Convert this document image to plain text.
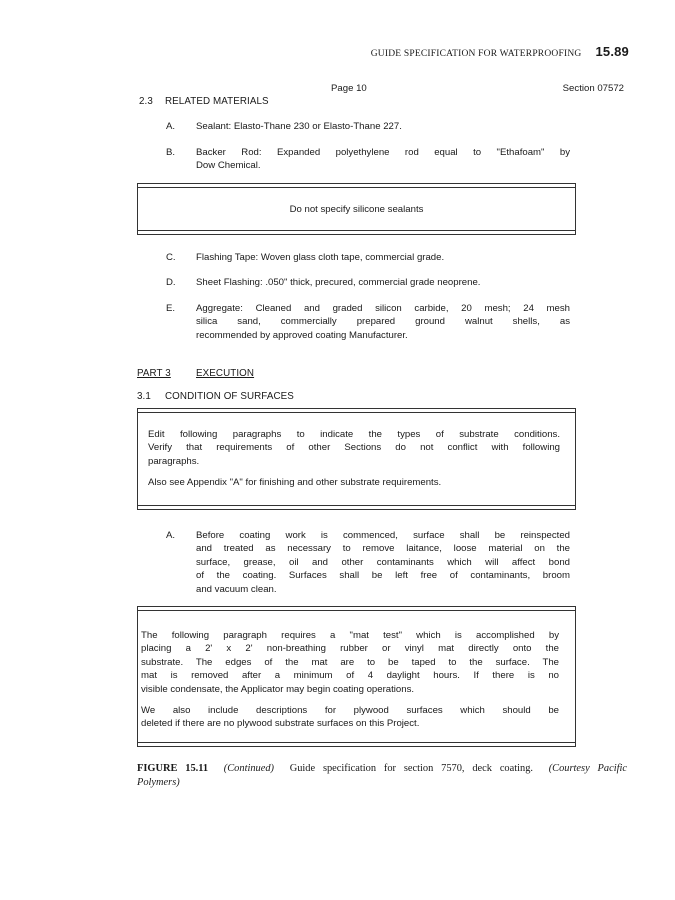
GUIDE SPECIFICATION FOR WATERPROOFING 15.89
Page 10	Section 07572
2.3 RELATED MATERIALS
A. Sealant: Elasto-Thane 230 or Elasto-Thane 227.
B. Backer Rod: Expanded polyethylene rod equal to "Ethafoam" by
Dow Chemical.
Do not specify silicone sealants
C. Flashing Tape: Woven glass cloth tape, commercial grade.
D. Sheet Flashing: .050" thick, precured, commercial grade neoprene.
E. Aggregate: Cleaned and graded silicon carbide, 20 mesh; 24 mesh
silica sand, commercially prepared ground walnut shells, as
recommended by approved coating Manufacturer.
PART 3	EXECUTION
3.1 CONDITION OF SURFACES
Edit following paragraphs to indicate the types of substrate conditions.
Verify that requirements of other Sections do not conflict with following
paragraphs.
Also see Appendix "A" for finishing and other substrate requirements.
A. Before coating work is commenced, surface shall be reinspected
and treated as necessary to remove laitance, loose material on the
surface, grease, oil and other contaminants which will affect bond
of the coating. Surfaces shall be left free of contaminants, broom
and vacuum clean.
The following paragraph requires a "mat test" which is accomplished by
placing a 2' x 2' non-breathing rubber or vinyl mat directly onto the
substrate. The edges of the mat are to be taped to the surface. The
mat is removed after a minimum of 4 daylight hours. If there is no
visible condensate, the Applicator may begin coating operations.
We also include descriptions for plywood surfaces which should be
deleted if there are no plywood substrate surfaces on this Project.
FIGURE 15.11 (Continued) Guide specification for section 7570, deck coating. (Courtesy Pacific
Polymers)
